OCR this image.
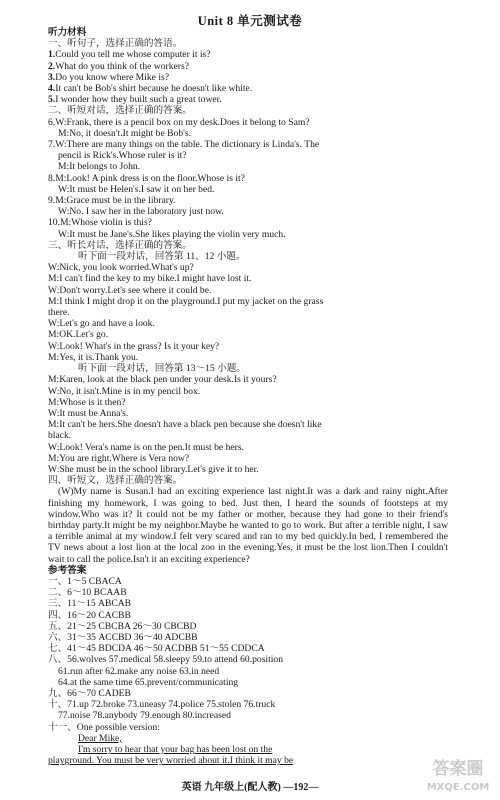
Unit 8 单元测试卷

听力材料

一、听句子，选择正确的答语。

1.Could you tell me whose computer it is?

2.What do you think of the workers?

3.Do you know where Mike is?

4.It can't be Bob's shirt because he doesn't like white.

5.I wonder how they built such a great tower.

二、听短对话，选择正确的答案。

6.W:Frank, there is a pencil box on my desk.Does it belong to Sam?

M:No, it doesn't.It might be Bob's.

7.W:There are many things on the table. The dictionary is Linda's. The

pencil is Rick's.Whose ruler is it?

M:It belongs to John.

8.M:Look! A pink dress is on the floor.Whose is it?

W:It must be Helen's.I saw it on her bed.

9.M:Grace must be in the library.

W:No. I saw her in the laboratory just now.

10.M:Whose violin is this?

W:It must be Jane's.She likes playing the violin very much.

三、听长对话，选择正确的答案。

听下面一段对话，回答第 11、12 小题。

W:Nick, you look worried.What's up?

M:I can't find the key to my bike.I might have lost it.

W:Don't worry.Let's see where it could be.

M:I think I might drop it on the playground.I put my jacket on the grass

there.

W:Let's go and have a look.

M:OK.Let's go.

W:Look! What's in the grass? Is it your key?

M:Yes, it is.Thank you.

听下面一段对话，回答第 13～15 小题。

M:Karen, look at the black pen under your desk.Is it yours?

W:No, it isn't.Mine is in my pencil box.

M:Whose is it then?

W:It must be Anna's.

M:It can't be hers.She doesn't have a black pen because she doesn't like

black.

W:Look! Vera's name is on the pen.It must be hers.

M:You are right.Where is Vera now?

W:She must be in the school library.Let's give it to her.

四、听短文，选择正确的答案。

(W)My name is Susan.I had an exciting experience last night.It was a dark and rainy night.After finishing my homework, I was going to bed. Just then, I heard the sounds of footsteps at my window.Who was it? It could not be my father or mother, because they had gone to their friend's birthday party.It might be my neighbor.Maybe he wanted to go to work. But after a terrible night, I saw a terrible animal at my window.I felt very scared and ran to my bed quickly.In bed, I remembered the TV news about a lost lion at the local zoo in the evening.Yes, it must be the lost lion.Then I couldn't wait to call the police.Isn't it an exciting experience?

参考答案

一、1～5 CBACA

二、6～10 BCAAB

三、11～15 ABCAB

四、16～20 CACBB

五、21～25 CBCBA 26～30 CBCBD

六、31～35 ACCBD 36～40 ADCBB

七、41～45 BDCDA 46～50 ACDBB 51～55 CDDCA

八、56.wolves 57.medical 58.sleepy 59.to attend 60.position

61.run after 62.make any noise 63.in need

64.at the same time 65.prevent/communicating

九、66～70 CADEB

十、71.up 72.broke 73.uneasy 74.police 75.stolen 76.truck

77.noise 78.anybody 79.enough 80.increased

十一、One possible version:

Dear Mike,

I'm sorry to hear that your bag has been lost on the

playground. You must be very worried about it.I think it may be

英语 九年级上(配人教) —192—
答案圈
MXQE.COM
